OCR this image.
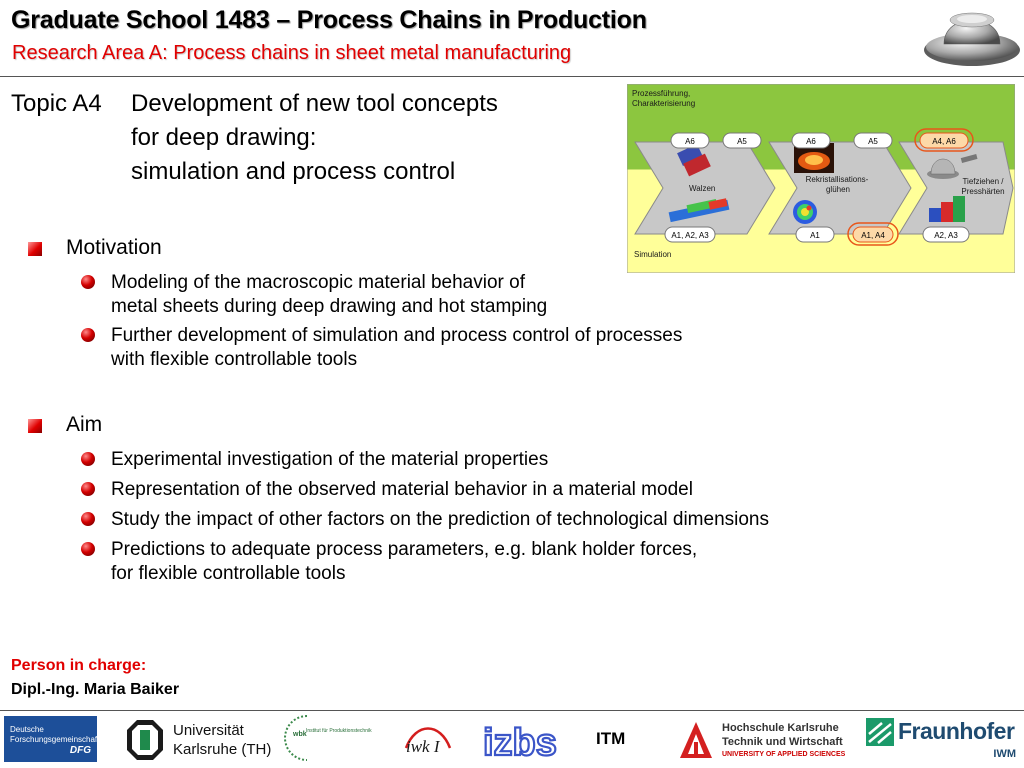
Graduate School 1483 – Process Chains in Production
Research Area A: Process chains in sheet metal manufacturing
Topic A4 Development of new tool concepts
for deep drawing:
simulation and process control
Prozessführung,
Charakterisierung
Simulation
Walzen
Rekristallisations-
glühen
Tiefziehen /
Presshärten
A6	A5	A6	A5	A4, A6
A1, A2, A3	A1	A1, A4	A2, A3
Motivation
Modeling of the macroscopic material behavior of
metal sheets during deep drawing and hot stamping
Further development of simulation and process control of processes
with flexible controllable tools
Aim
Experimental investigation of the material properties
Representation of the observed material behavior in a material model
Study the impact of other factors on the prediction of technological dimensions
Predictions to adequate process parameters, e.g. blank holder forces,
for flexible controllable tools
Person in charge:
Dipl.-Ing. Maria Baiker
Deutsche
Forschungsgemeinschaft
DFG
Universität
Karlsruhe (TH)
wbk Institut für Produktionstechnik
iwk I izbs ITM
Hochschule Karlsruhe
Technik und Wirtschaft
UNIVERSITY OF APPLIED SCIENCES
Fraunhofer
IWM
